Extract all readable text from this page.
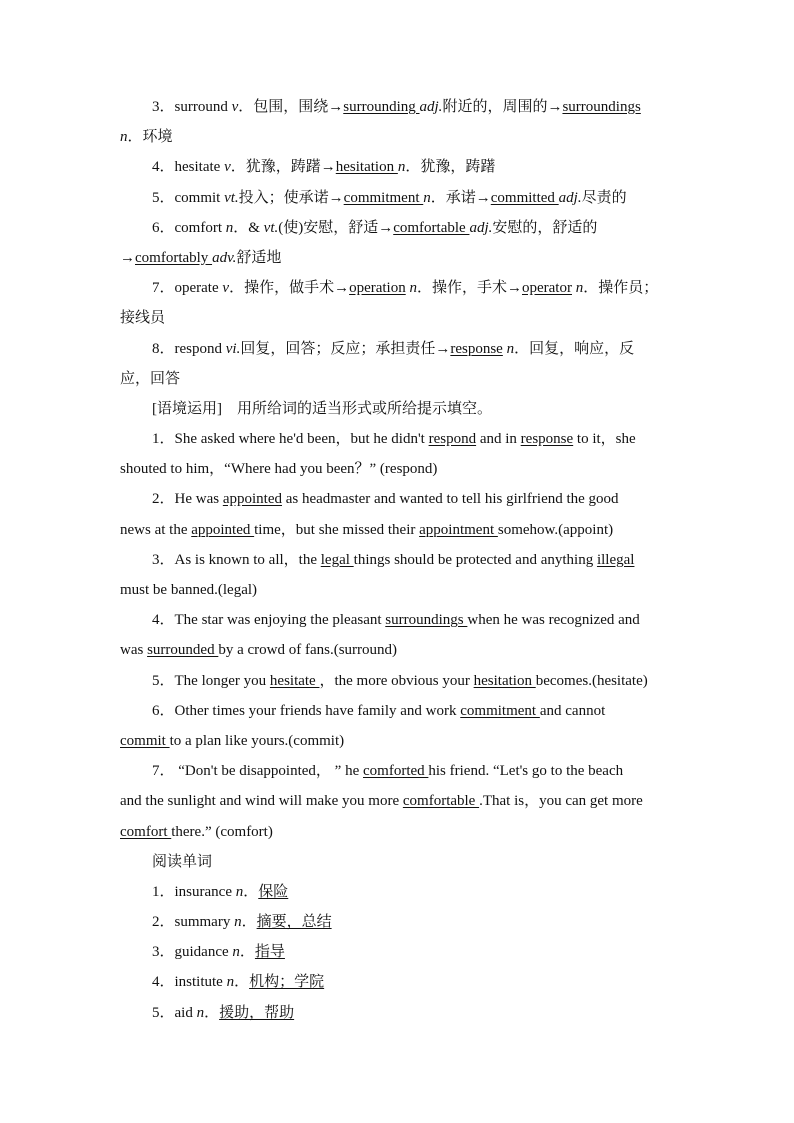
3．surround v．包围，围绕→surrounding adj.附近的，周围的→surroundings
n．环境
4．hesitate v．犹豫，踌躇→hesitation n．犹豫，踌躇
5．commit vt.投入；使承诺→commitment n．承诺→committed adj.尽责的
6．comfort n．& vt.(使)安慰，舒适→comfortable adj.安慰的，舒适的
→comfortably adv.舒适地
7．operate v．操作，做手术→operation n．操作，手术→operator n．操作员；
接线员
8．respond vi.回复，回答；反应；承担责任→response n．回复，响应，反
应，回答
[语境运用]　用所给词的适当形式或所给提示填空。
1．She asked where he'd been，but he didn't respond and in response to it，she
shouted to him，“Where had you been？” (respond)
2．He was appointed as headmaster and wanted to tell his girlfriend the good
news at the appointed time，but she missed their appointment somehow.(appoint)
3．As is known to all，the legal things should be protected and anything illegal
must be banned.(legal)
4．The star was enjoying the pleasant surroundings when he was recognized and
was surrounded by a crowd of fans.(surround)
5．The longer you hesitate ，the more obvious your hesitation becomes.(hesitate)
6．Other times your friends have family and work commitment and cannot
commit to a plan like yours.(commit)
7． “Don't be disappointed， ” he comforted his friend. “Let's go to the beach
and the sunlight and wind will make you more comfortable .That is，you can get more
comfort there.” (comfort)
阅读单词
1．insurance n．保险
2．summary n．摘要，总结
3．guidance n．指导
4．institute n．机构；学院
5．aid n．援助，帮助
